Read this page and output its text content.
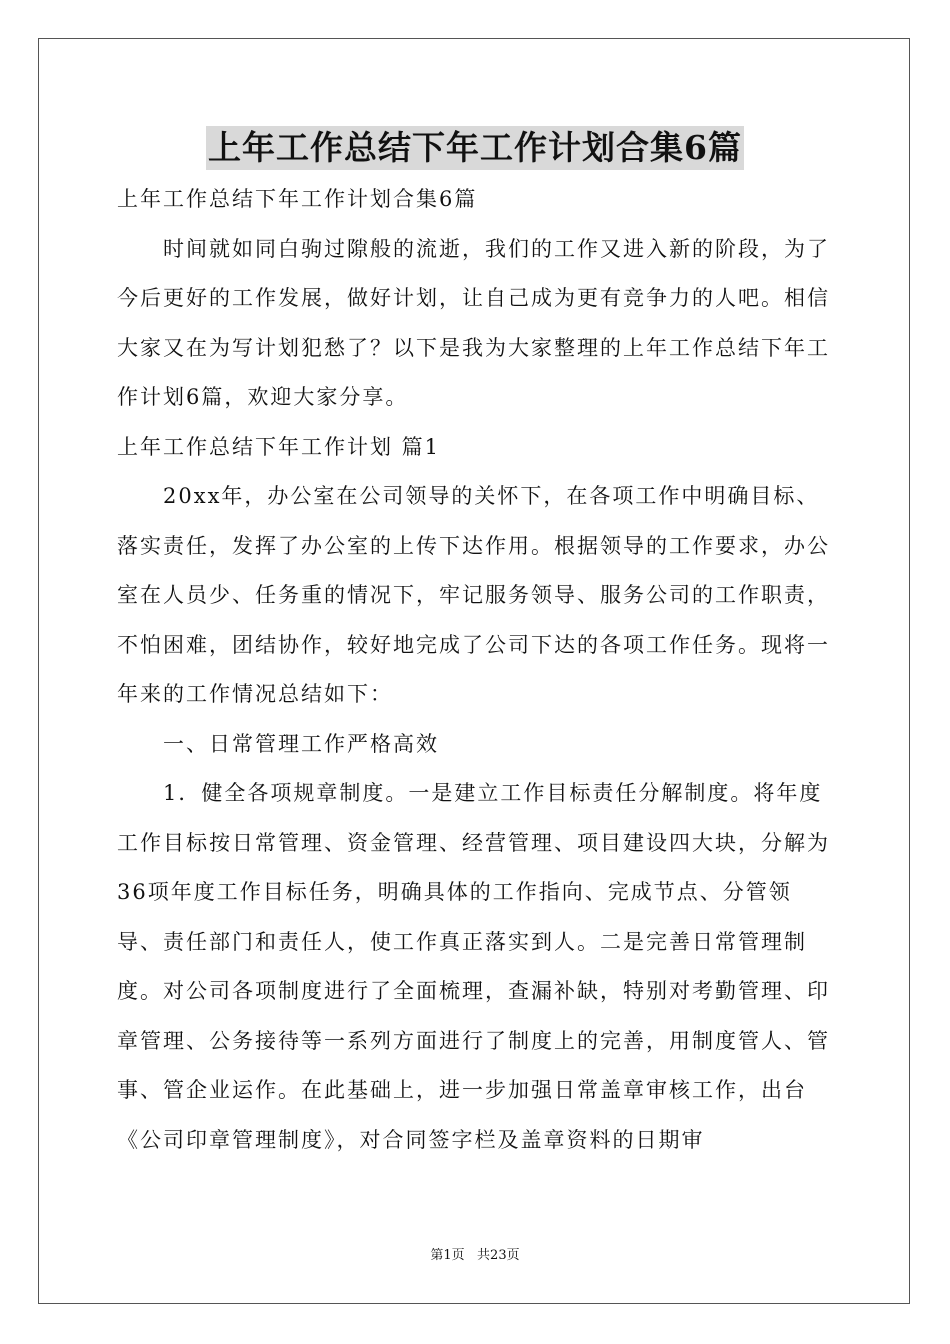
上年工作总结下年工作计划合集6篇

上年工作总结下年工作计划合集6篇

时间就如同白驹过隙般的流逝，我们的工作又进入新的阶段，为了今后更好的工作发展，做好计划，让自己成为更有竞争力的人吧。相信大家又在为写计划犯愁了？以下是我为大家整理的上年工作总结下年工作计划6篇，欢迎大家分享。

上年工作总结下年工作计划 篇1

20xx年，办公室在公司领导的关怀下，在各项工作中明确目标、落实责任，发挥了办公室的上传下达作用。根据领导的工作要求，办公室在人员少、任务重的情况下，牢记服务领导、服务公司的工作职责，不怕困难，团结协作，较好地完成了公司下达的各项工作任务。现将一年来的工作情况总结如下：

一、日常管理工作严格高效

1．健全各项规章制度。一是建立工作目标责任分解制度。将年度工作目标按日常管理、资金管理、经营管理、项目建设四大块，分解为36项年度工作目标任务，明确具体的工作指向、完成节点、分管领导、责任部门和责任人，使工作真正落实到人。二是完善日常管理制度。对公司各项制度进行了全面梳理，查漏补缺，特别对考勤管理、印章管理、公务接待等一系列方面进行了制度上的完善，用制度管人、管事、管企业运作。在此基础上，进一步加强日常盖章审核工作，出台《公司印章管理制度》，对合同签字栏及盖章资料的日期审

第1页   共23页
